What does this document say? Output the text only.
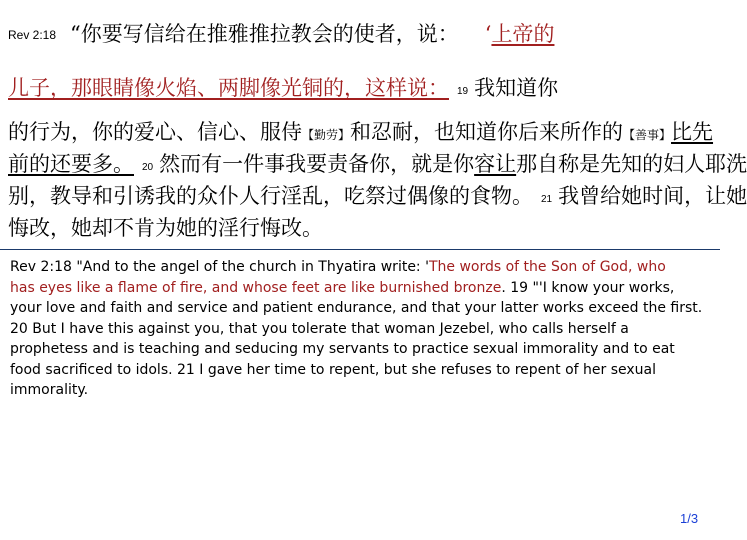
Rev 2:18 “你要写信给在推雅推拉教会的使者，说： ‘上帝的
儿子，那眼睛像火焰、两脚像光铜的，这样说： 19 我知道你
的行为，你的爱心、信心、服侍【勤劳】和忍耐，也知道你后来所作的【善事】比先
前的还要多。 20 然而有一件事我要责备你，就是你容让那自称是先知的妇人耶洗
别，教导和引诱我的众仆人行淫乱，吃祭过偶像的食物。 21 我曾给她时间，让她
悔改，她却不肯为她的淫行悔改。
Rev 2:18 "And to the angel of the church in Thyatira write: 'The words of the Son of God, who
has eyes like a flame of fire, and whose feet are like burnished bronze. 19 "'I know your works,
your love and faith and service and patient endurance, and that your latter works exceed the first.
20 But I have this against you, that you tolerate that woman Jezebel, who calls herself a
prophetess and is teaching and seducing my servants to practice sexual immorality and to eat
food sacrificed to idols. 21 I gave her time to repent, but she refuses to repent of her sexual
immorality.
1/3
